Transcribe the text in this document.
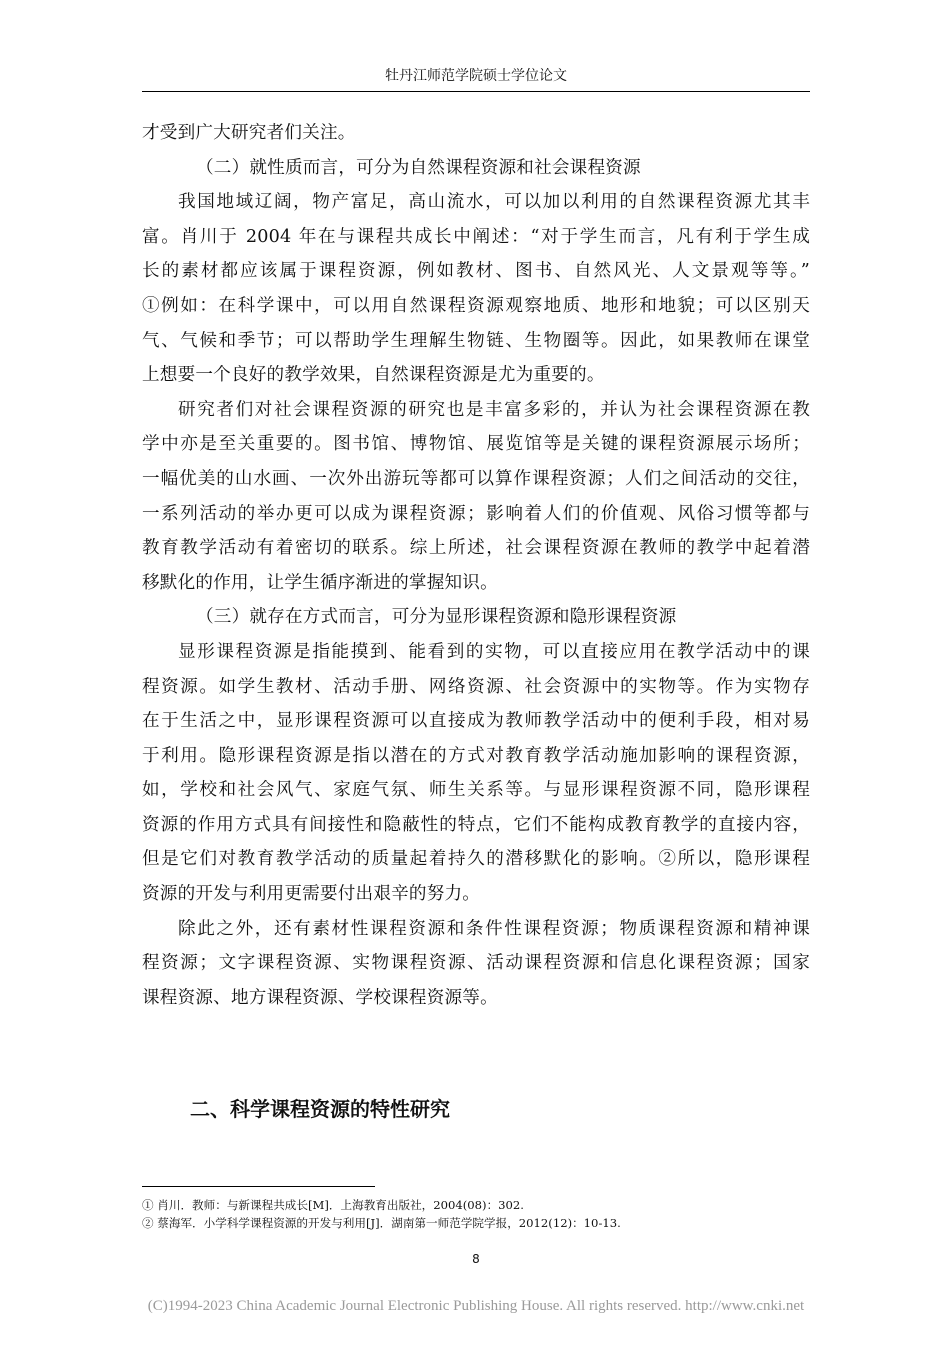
牡丹江师范学院硕士学位论文
才受到广大研究者们关注。
（二）就性质而言，可分为自然课程资源和社会课程资源
我国地域辽阔，物产富足，高山流水，可以加以利用的自然课程资源尤其丰
富。肖川于 2004 年在与课程共成长中阐述：“对于学生而言，凡有利于学生成
长的素材都应该属于课程资源，例如教材、图书、自然风光、人文景观等等。”
①例如：在科学课中，可以用自然课程资源观察地质、地形和地貌；可以区别天
气、气候和季节；可以帮助学生理解生物链、生物圈等。因此，如果教师在课堂
上想要一个良好的教学效果，自然课程资源是尤为重要的。
研究者们对社会课程资源的研究也是丰富多彩的，并认为社会课程资源在教
学中亦是至关重要的。图书馆、博物馆、展览馆等是关键的课程资源展示场所；
一幅优美的山水画、一次外出游玩等都可以算作课程资源；人们之间活动的交往，
一系列活动的举办更可以成为课程资源；影响着人们的价值观、风俗习惯等都与
教育教学活动有着密切的联系。综上所述，社会课程资源在教师的教学中起着潜
移默化的作用，让学生循序渐进的掌握知识。
（三）就存在方式而言，可分为显形课程资源和隐形课程资源
显形课程资源是指能摸到、能看到的实物，可以直接应用在教学活动中的课
程资源。如学生教材、活动手册、网络资源、社会资源中的实物等。作为实物存
在于生活之中，显形课程资源可以直接成为教师教学活动中的便利手段，相对易
于利用。隐形课程资源是指以潜在的方式对教育教学活动施加影响的课程资源，
如，学校和社会风气、家庭气氛、师生关系等。与显形课程资源不同，隐形课程
资源的作用方式具有间接性和隐蔽性的特点，它们不能构成教育教学的直接内容，
但是它们对教育教学活动的质量起着持久的潜移默化的影响。②所以，隐形课程
资源的开发与利用更需要付出艰辛的努力。
除此之外，还有素材性课程资源和条件性课程资源；物质课程资源和精神课
程资源；文字课程资源、实物课程资源、活动课程资源和信息化课程资源；国家
课程资源、地方课程资源、学校课程资源等。
二、科学课程资源的特性研究
① 肖川．教师：与新课程共成长[M]．上海教育出版社，2004(08)：302.
② 蔡海军．小学科学课程资源的开发与利用[J]．湖南第一师范学院学报，2012(12)：10-13.
8
(C)1994-2023 China Academic Journal Electronic Publishing House. All rights reserved. http://www.cnki.net
